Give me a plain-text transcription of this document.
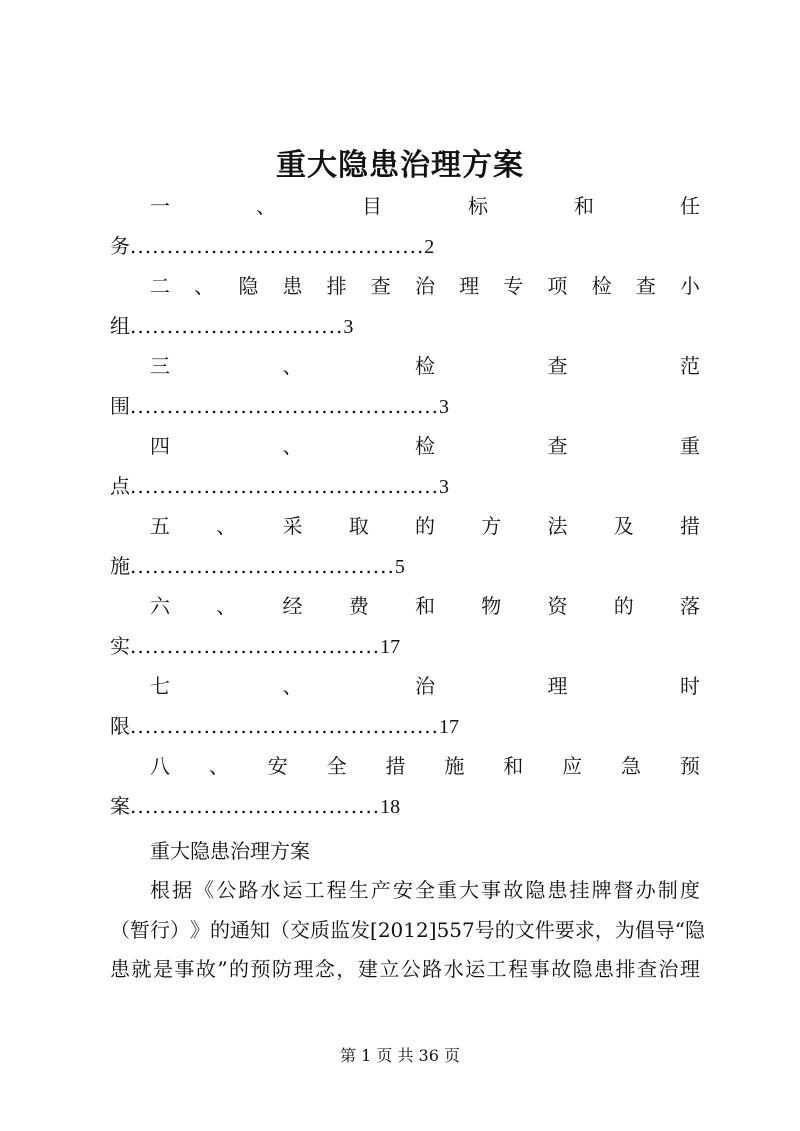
重大隐患治理方案
一	、	目	标	和	任
务 ........................................ 2
二 、 隐 患 排 查 治 理 专 项 检 查 小
组 ............................. 3
三	、	检	查	范
围 .......................................... 3
四	、	检	查	重
点 .......................................... 3
五 、 采 取 的 方 法 及 措
施 .................................... 5
六 、 经 费 和 物 资 的 落
实 .................................. 17
七	、	治	理	时
限 .......................................... 17
八 、 安 全 措 施 和 应 急 预
案 .................................. 18
重大隐患治理方案
根 据 《 公 路 水 运 工 程 生 产 安 全 重 大 事 故 隐 患 挂 牌 督 办 制 度
（ 暂 行 ） 》 的 通 知 （ 交 质 监 发 [ 2 0 1 2 ] 5 5 7 号 的 文 件 要 求 ， 为 倡 导 “ 隐
患 就 是 事 故 ” 的 预 防 理 念 ， 建 立 公 路 水 运 工 程 事 故 隐 患 排 查 治 理
第 1 页 共 36 页
